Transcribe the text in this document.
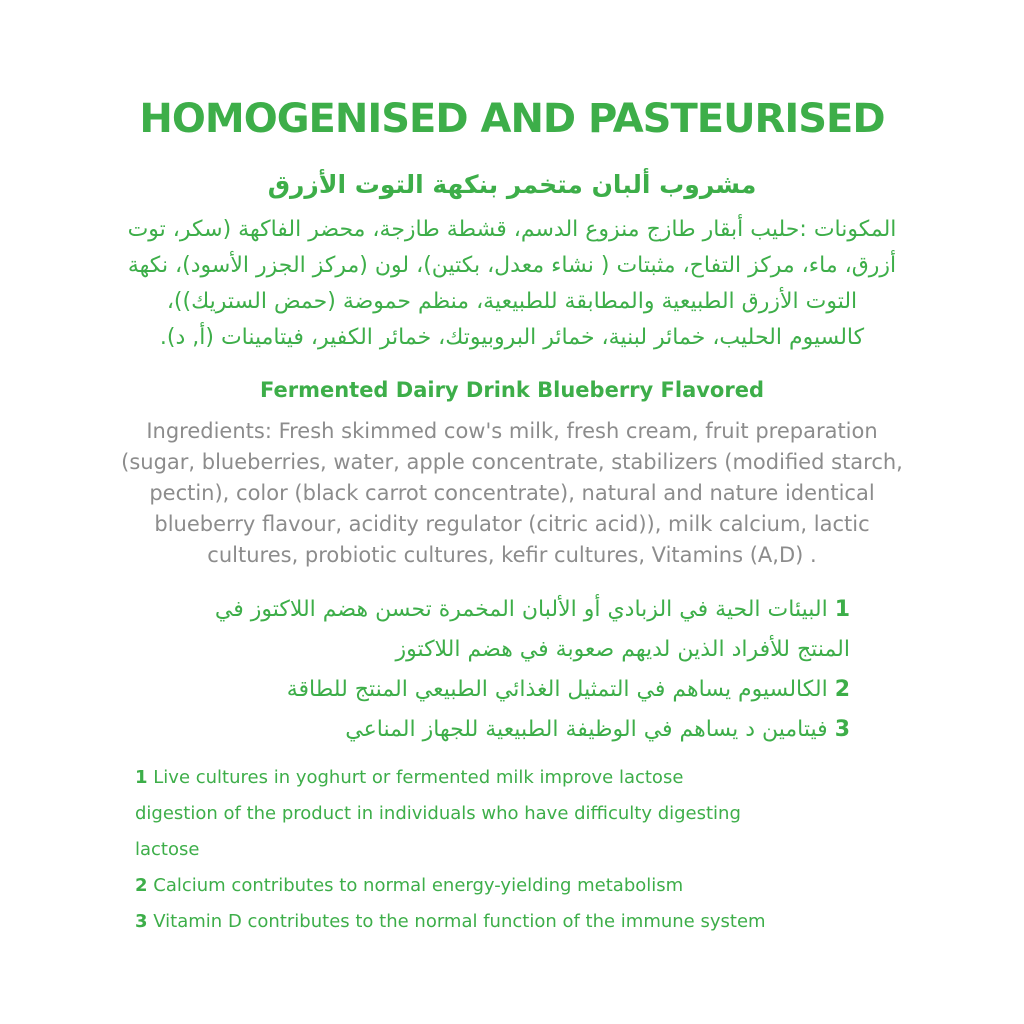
HOMOGENISED AND PASTEURISED
مشروب ألبان متخمر بنكهة التوت الأزرق
المكونات :حليب أبقار طازج منزوع الدسم، قشطة طازجة، محضر الفاكهة (سكر، توت
أزرق، ماء، مركز التفاح، مثبتات ( نشاء معدل، بكتين)، لون (مركز الجزر الأسود)، نكهة
التوت الأزرق الطبيعية والمطابقة للطبيعية، منظم حموضة (حمض الستريك))،
كالسيوم الحليب، خمائر لبنية، خمائر البروبيوتك، خمائر الكفير، فيتامينات (أ, د).
Fermented Dairy Drink Blueberry Flavored
Ingredients: Fresh skimmed cow's milk, fresh cream, fruit preparation
(sugar, blueberries, water, apple concentrate, stabilizers (modified starch,
pectin), color (black carrot concentrate), natural and nature identical
blueberry flavour, acidity regulator (citric acid)), milk calcium, lactic
cultures, probiotic cultures, kefir cultures, Vitamins (A,D) .
1 البيئات الحية في الزبادي أو الألبان المخمرة تحسن هضم اللاكتوز في
المنتج للأفراد الذين لديهم صعوبة في هضم اللاكتوز
2 الكالسيوم يساهم في التمثيل الغذائي الطبيعي المنتج للطاقة
3 فيتامين د يساهم في الوظيفة الطبيعية للجهاز المناعي
1 Live cultures in yoghurt or fermented milk improve lactose
digestion of the product in individuals who have difficulty digesting
lactose
2 Calcium contributes to normal energy-yielding metabolism
3 Vitamin D contributes to the normal function of the immune system
